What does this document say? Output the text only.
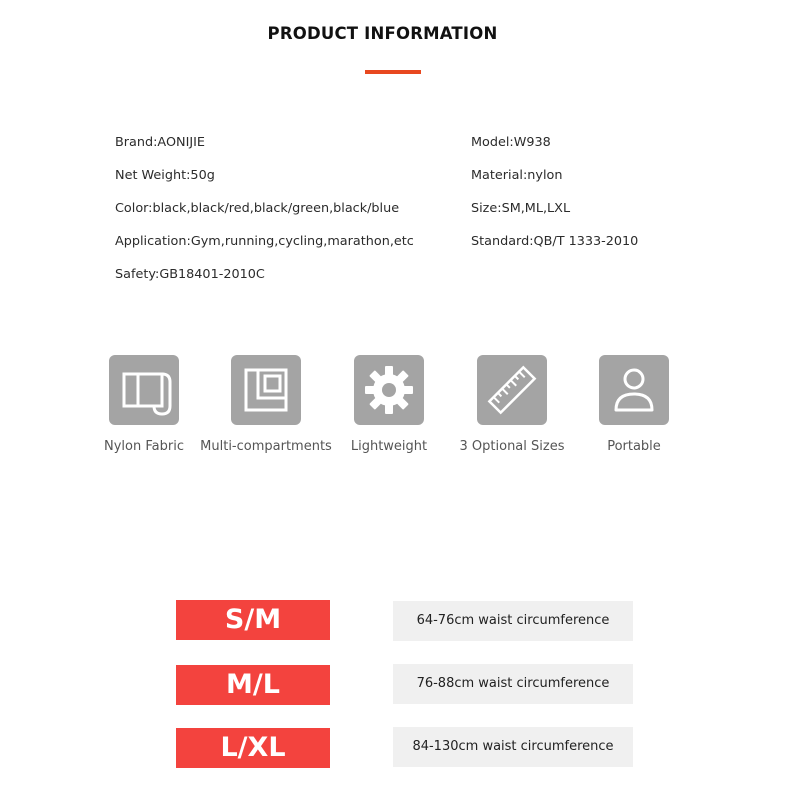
PRODUCT INFORMATION
Brand:AONIJIE	Model:W938
Net Weight:50g	Material:nylon
Color:black,black/red,black/green,black/blue	Size:SM,ML,LXL
Application:Gym,running,cycling,marathon,etc	Standard:QB/T 1333-2010
Safety:GB18401-2010C
Nylon Fabric	Multi-compartments	Lightweight	3 Optional Sizes	Portable
S/M	64-76cm waist circumference
M/L	76-88cm waist circumference
L/XL	84-130cm waist circumference
